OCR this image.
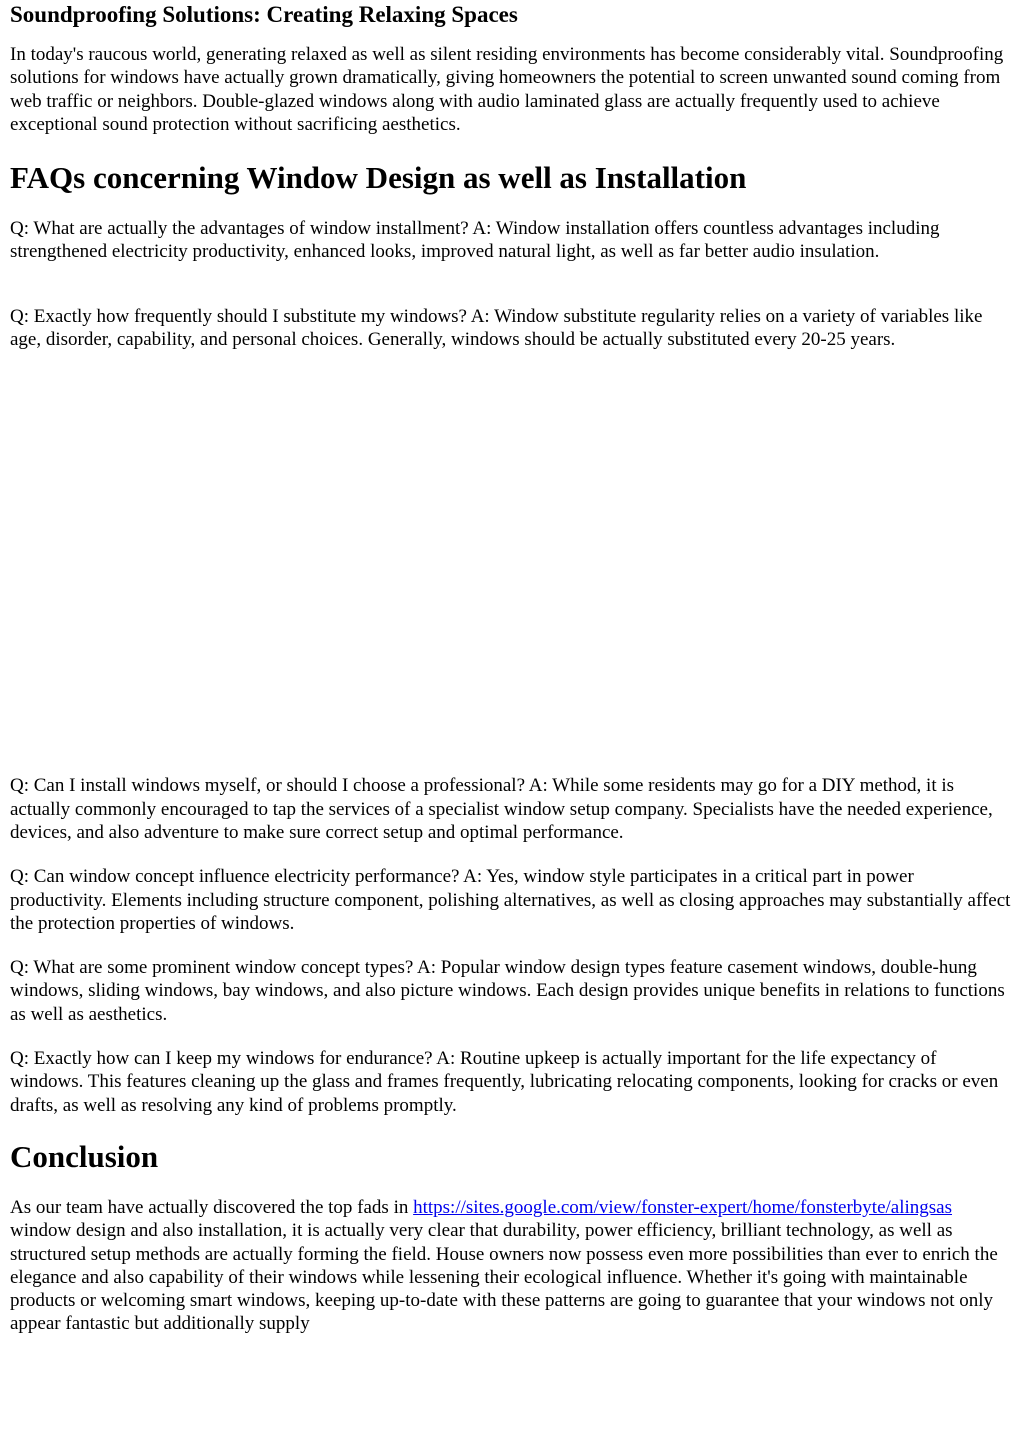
Soundproofing Solutions: Creating Relaxing Spaces

In today's raucous world, generating relaxed as well as silent residing environments has become considerably vital. Soundproofing solutions for windows have actually grown dramatically, giving homeowners the potential to screen unwanted sound coming from web traffic or neighbors. Double-glazed windows along with audio laminated glass are actually frequently used to achieve exceptional sound protection without sacrificing aesthetics.

FAQs concerning Window Design as well as Installation

Q: What are actually the advantages of window installment? A: Window installation offers countless advantages including strengthened electricity productivity, enhanced looks, improved natural light, as well as far better audio insulation.

Q: Exactly how frequently should I substitute my windows? A: Window substitute regularity relies on a variety of variables like age, disorder, capability, and personal choices. Generally, windows should be actually substituted every 20-25 years.

Q: Can I install windows myself, or should I choose a professional? A: While some residents may go for a DIY method, it is actually commonly encouraged to tap the services of a specialist window setup company. Specialists have the needed experience, devices, and also adventure to make sure correct setup and optimal performance.

Q: Can window concept influence electricity performance? A: Yes, window style participates in a critical part in power productivity. Elements including structure component, polishing alternatives, as well as closing approaches may substantially affect the protection properties of windows.

Q: What are some prominent window concept types? A: Popular window design types feature casement windows, double-hung windows, sliding windows, bay windows, and also picture windows. Each design provides unique benefits in relations to functions as well as aesthetics.

Q: Exactly how can I keep my windows for endurance? A: Routine upkeep is actually important for the life expectancy of windows. This features cleaning up the glass and frames frequently, lubricating relocating components, looking for cracks or even drafts, as well as resolving any kind of problems promptly.

Conclusion

As our team have actually discovered the top fads in https://sites.google.com/view/fonster-expert/home/fonsterbyte/alingsas window design and also installation, it is actually very clear that durability, power efficiency, brilliant technology, as well as structured setup methods are actually forming the field. House owners now possess even more possibilities than ever to enrich the elegance and also capability of their windows while lessening their ecological influence. Whether it's going with maintainable products or welcoming smart windows, keeping up-to-date with these patterns are going to guarantee that your windows not only appear fantastic but additionally supply
